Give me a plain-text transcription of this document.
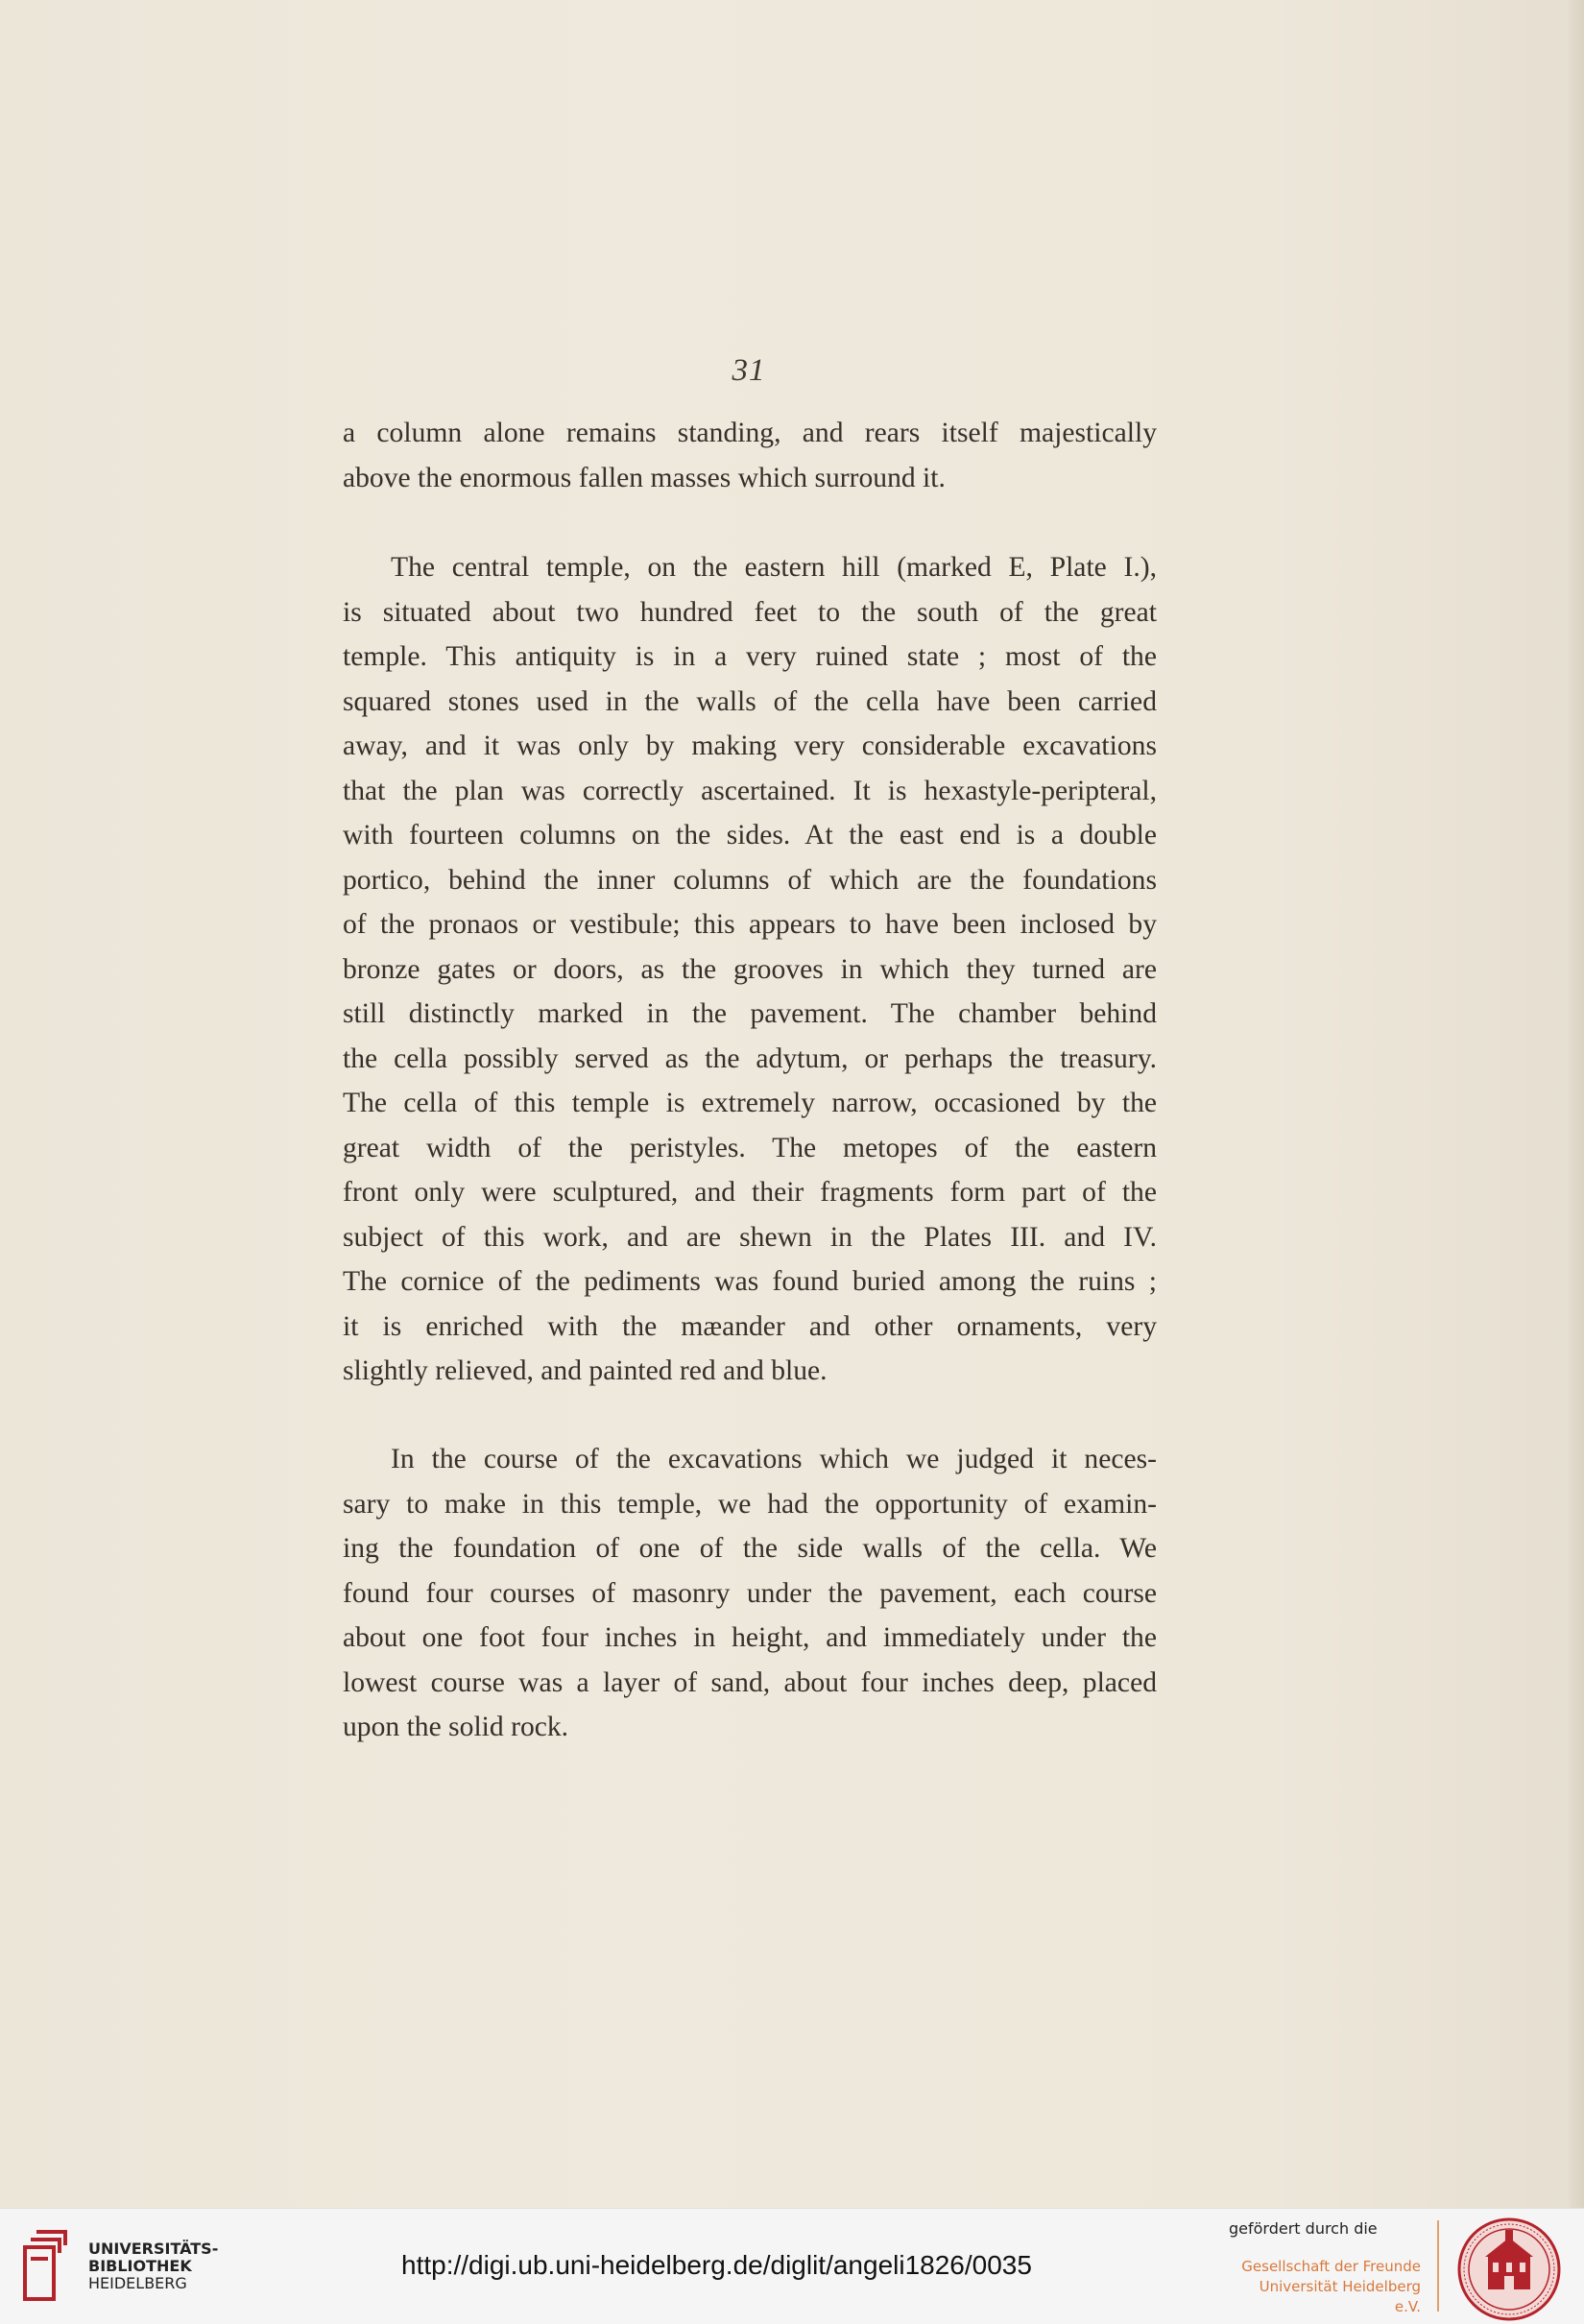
31

a column alone remains standing, and rears itself majestically

above the enormous fallen masses which surround it.

The central temple, on the eastern hill (marked E, Plate I.),

is situated about two hundred feet to the south of the great

temple. This antiquity is in a very ruined state ; most of the

squared stones used in the walls of the cella have been carried

away, and it was only by making very considerable excavations

that the plan was correctly ascertained. It is hexastyle-peripteral,

with fourteen columns on the sides. At the east end is a double

portico, behind the inner columns of which are the foundations

of the pronaos or vestibule; this appears to have been inclosed by

bronze gates or doors, as the grooves in which they turned are

still distinctly marked in the pavement. The chamber behind

the cella possibly served as the adytum, or perhaps the treasury.

The cella of this temple is extremely narrow, occasioned by the

great width of the peristyles. The metopes of the eastern

front only were sculptured, and their fragments form part of the

subject of this work, and are shewn in the Plates III. and IV.

The cornice of the pediments was found buried among the ruins ;

it is enriched with the mæander and other ornaments, very

slightly relieved, and painted red and blue.

In the course of the excavations which we judged it neces-

sary to make in this temple, we had the opportunity of examin-

ing the foundation of one of the side walls of the cella. We

found four courses of masonry under the pavement, each course

about one foot four inches in height, and immediately under the

lowest course was a layer of sand, about four inches deep, placed

upon the solid rock.

UNIVERSITÄTS-
BIBLIOTHEK
HEIDELBERG
http://digi.ub.uni-heidelberg.de/diglit/angeli1826/0035
gefördert durch die
Gesellschaft der Freunde
Universität Heidelberg e.V.
